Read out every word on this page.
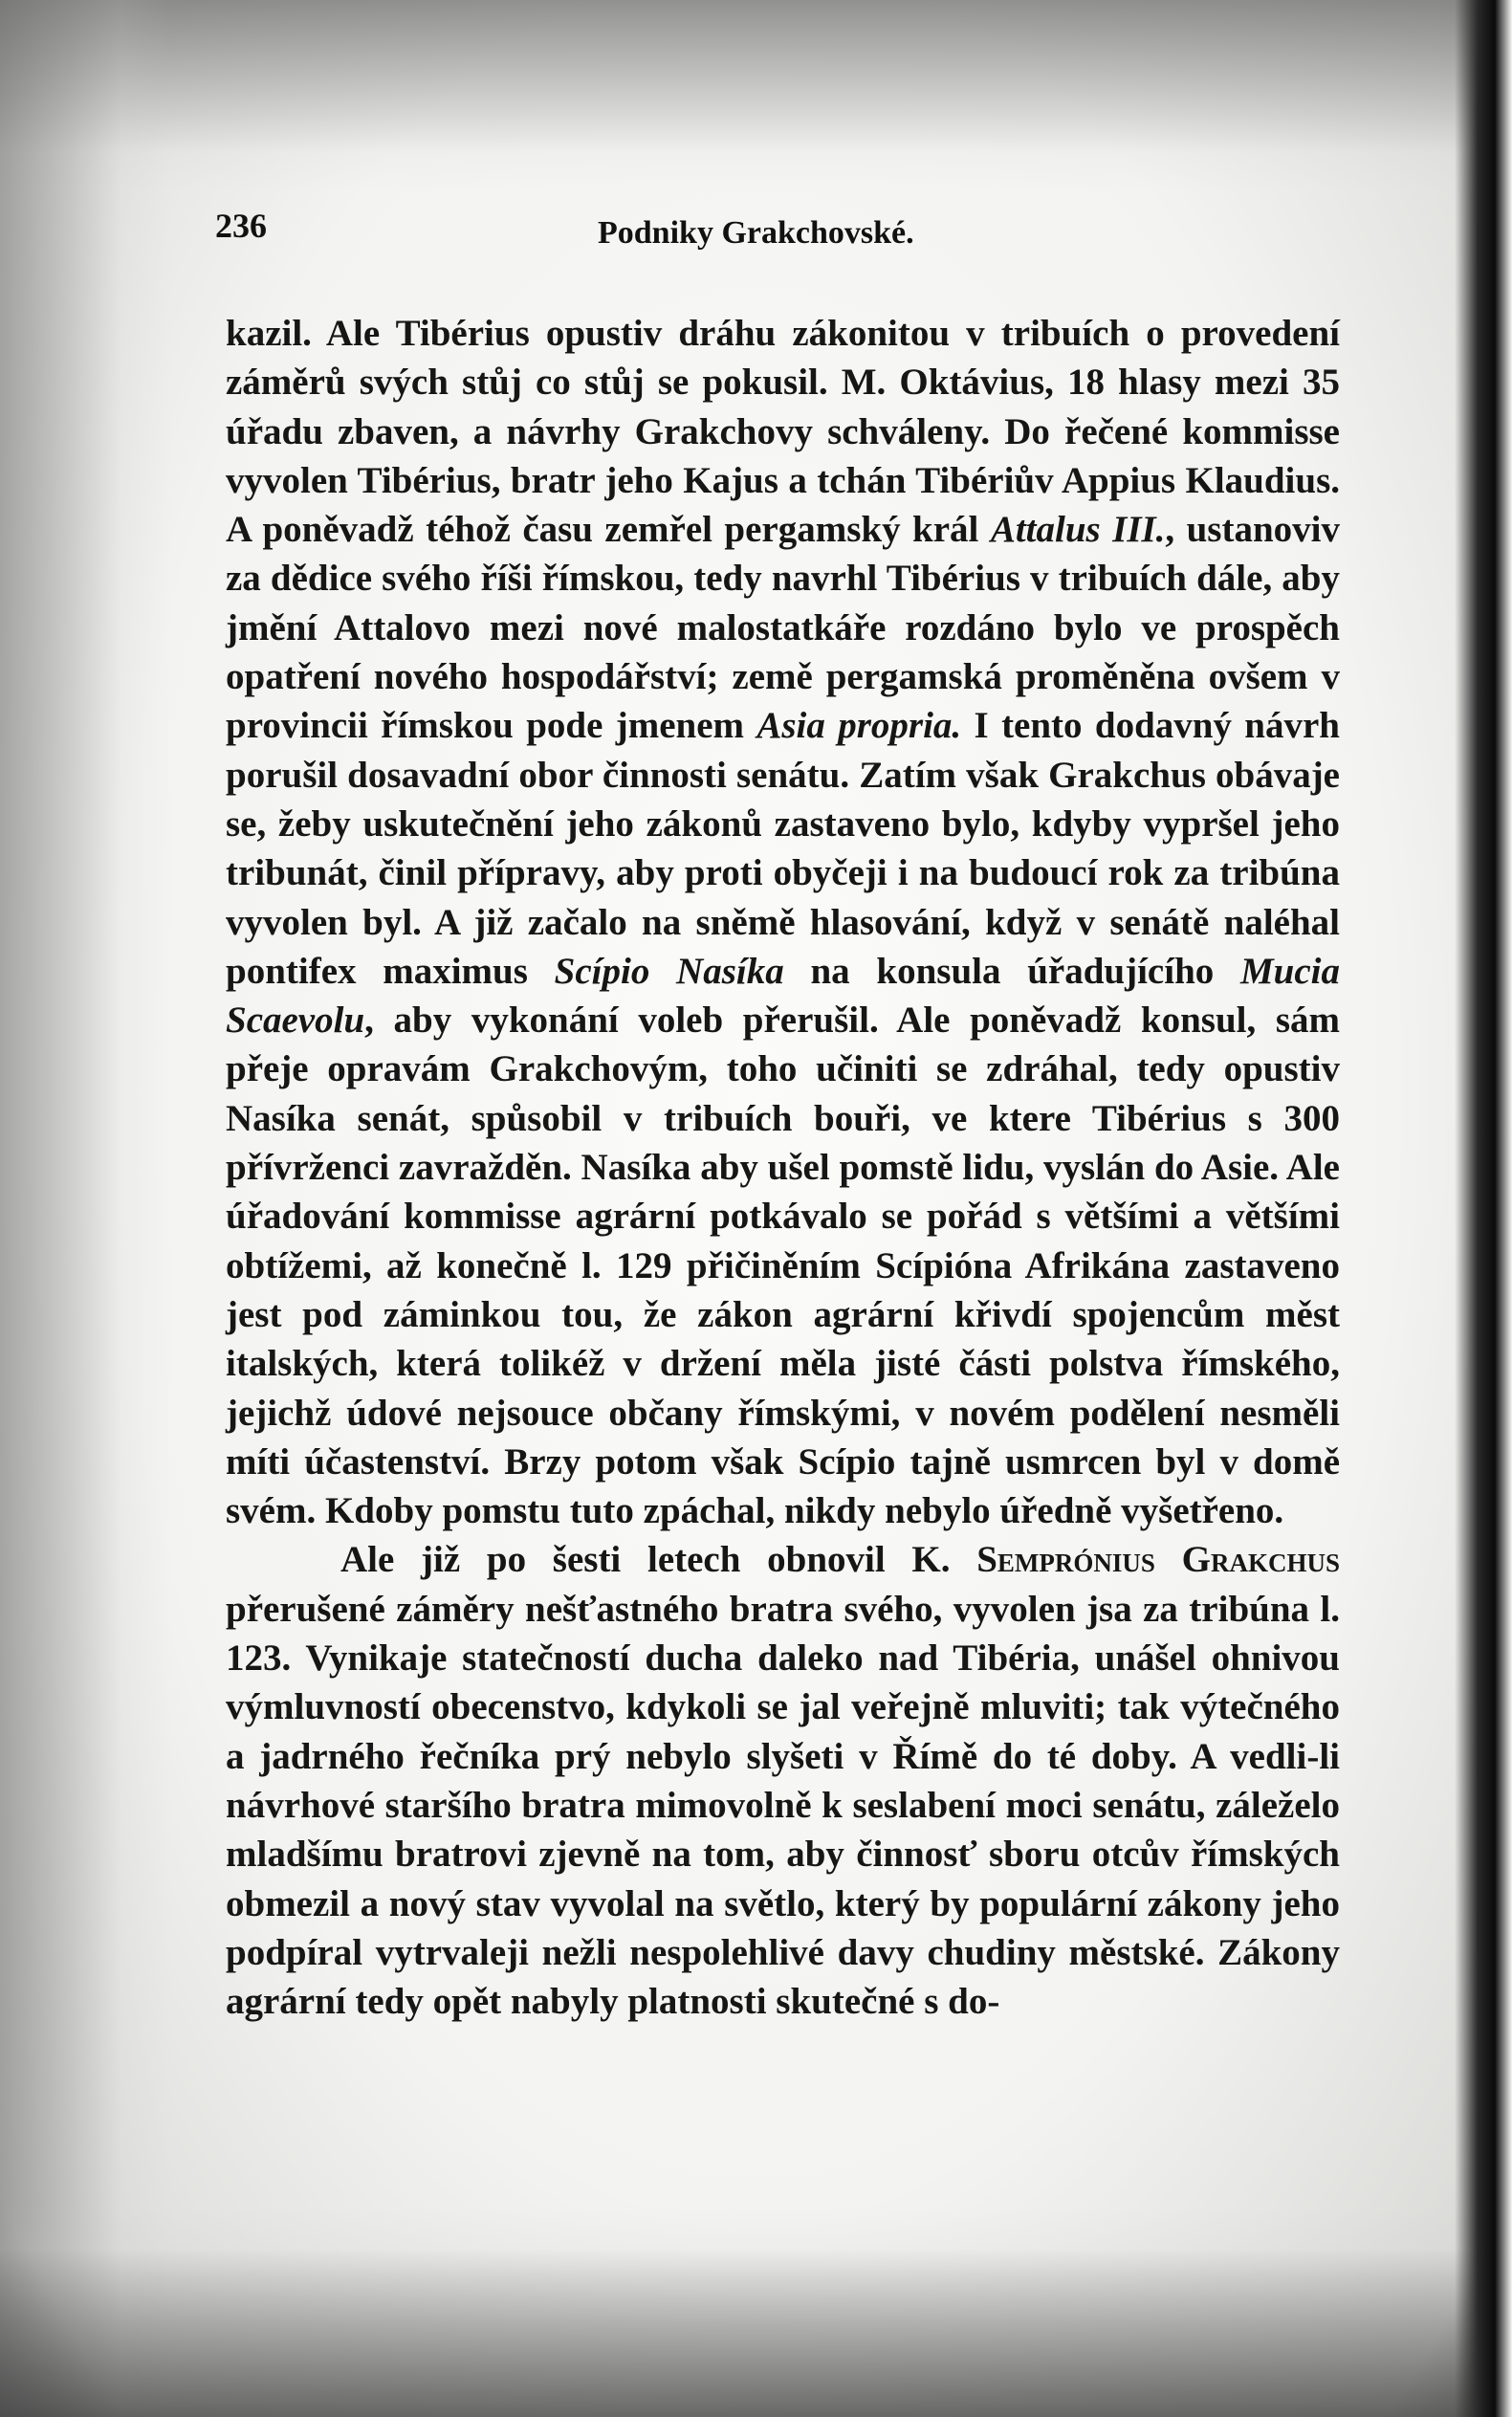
236	Podniky Grakchovské.

kazil. Ale Tibérius opustiv dráhu zákonitou v tribuích o provedení záměrů svých stůj co stůj se pokusil. M. Oktávius, 18 hlasy mezi 35 úřadu zbaven, a návrhy Grakchovy schváleny. Do řečené kommisse vyvolen Tibérius, bratr jeho Kajus a tchán Tibériův Appius Klaudius. A poněvadž téhož času zemřel pergamský král Attalus III., ustanoviv za dědice svého říši římskou, tedy navrhl Tibérius v tribuích dále, aby jmění Attalovo mezi nové malostatkáře rozdáno bylo ve prospěch opatření nového hospodářství; země pergamská proměněna ovšem v provincii římskou pode jmenem Asia propria. I tento dodavný návrh porušil dosavadní obor činnosti senátu. Zatím však Grakchus obávaje se, žeby uskutečnění jeho zákonů zastaveno bylo, kdyby vypršel jeho tribunát, činil přípravy, aby proti obyčeji i na budoucí rok za tribúna vyvolen byl. A již začalo na sněmě hlasování, když v senátě naléhal pontifex maximus Scípio Nasíka na konsula úřadujícího Mucia Scaevolu, aby vykonání voleb přerušil. Ale poněvadž konsul, sám přeje opravám Grakchovým, toho učiniti se zdráhal, tedy opustiv Nasíka senát, spůsobil v tribuích bouři, ve ktere Tibérius s 300 přívrženci zavražděn. Nasíka aby ušel pomstě lidu, vyslán do Asie. Ale úřadování kommisse agrární potkávalo se pořád s většími a většími obtížemi, až konečně l. 129 přičiněním Scípióna Afrikána zastaveno jest pod záminkou tou, že zákon agrární křivdí spojencům měst italských, která tolikéž v držení měla jisté části polstva římského, jejichž údové nejsouce občany římskými, v novém podělení nesměli míti účastenství. Brzy potom však Scípio tajně usmrcen byl v domě svém. Kdoby pomstu tuto zpáchal, nikdy nebylo úředně vyšetřeno.

Ale již po šesti letech obnovil K. Semprónius Grakchus přerušené záměry nešťastného bratra svého, vyvolen jsa za tribúna l. 123. Vynikaje statečností ducha daleko nad Tibéria, unášel ohnivou výmluvností obecenstvo, kdykoli se jal veřejně mluviti; tak výtečného a jadrného řečníka prý nebylo slyšeti v Římě do té doby. A vedli-li návrhové staršího bratra mimovolně k seslabení moci senátu, záleželo mladšímu bratrovi zjevně na tom, aby činnosť sboru otcův římských obmezil a nový stav vyvolal na světlo, který by populární zákony jeho podpíral vytrvaleji nežli nespolehlivé davy chudiny městské. Zákony agrární tedy opět nabyly platnosti skutečné s do-
